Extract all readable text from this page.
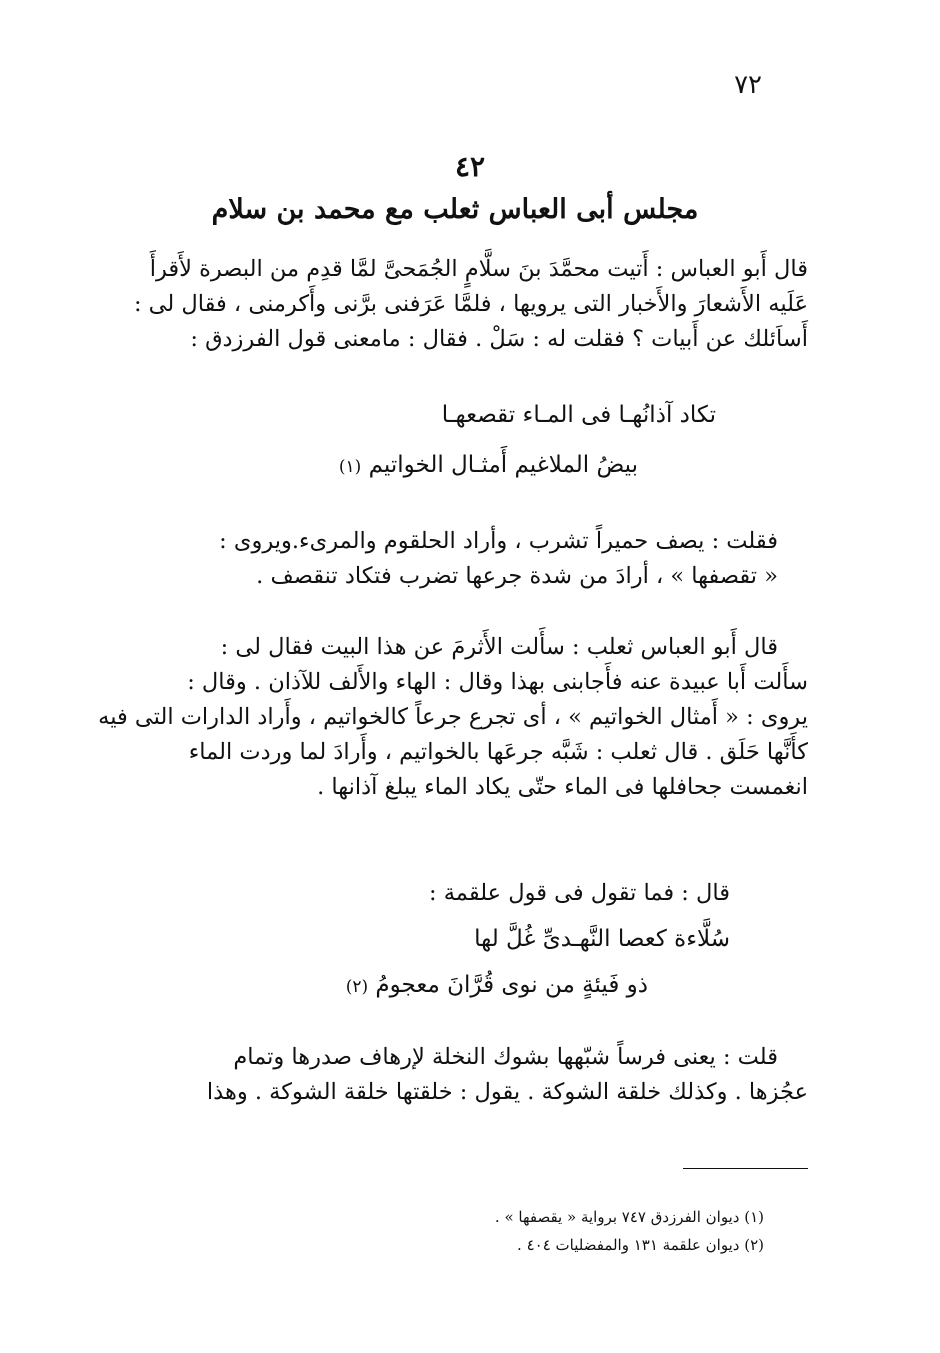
٧٢
٤٢
مجلس أبى العباس ثعلب مع محمد بن سلام

قال أَبو العباس : أَتيت محمَّدَ بنَ سلَّامٍ الجُمَحىَّ لمَّا قدِم من البصرة لأَقرأَ
عَلَيه الأَشعارَ والأَخبار التى يرويها ، فلمَّا عَرَفنى برَّنى وأَكرمنى ، فقال لى :
أَساَئلك عن أَبيات ؟ فقلت له : سَلْ . فقال : مامعنى قول الفرزدق :

تكاد آذانُهـا فى المـاء تقصعهـا
بيضُ الملاغيم أَمثـال الخواتيم (١)

فقلت : يصف حميراً تشرب ، وأراد الحلقوم والمرىء.ويروى :
« تقصفها » ، أرادَ من شدة جرعها تضرب فتكاد تنقصف .

قال أَبو العباس ثعلب : سأَلت الأَثرمَ عن هذا البيت فقال لى :
سأَلت أَبا عبيدة عنه فأَجابنى بهذا وقال : الهاء والأَلف للآذان . وقال :
يروى : « أَمثال الخواتيم » ، أى تجرع جرعاً كالخواتيم ، وأَراد الدارات التى فيه
كأَنَّها حَلَق . قال ثعلب : شَبَّه جرعَها بالخواتيم ، وأَرادَ لما وردت الماء
انغمست جحافلها فى الماء حتّى يكاد الماء يبلغ آذانها .

قال : فما تقول فى قول علقمة :
سُلَّاءة كعصا النَّهـدىِّ غُلَّ لها
ذو فَيئةٍ من نوى قُرَّانَ معجومُ (٢)

قلت : يعنى فرساً شبّهها بشوك النخلة لإرهاف صدرها وتمام
عجُزها . وكذلك خلقة الشوكة . يقول : خلقتها خلقة الشوكة . وهذا

(١) ديوان الفرزدق ٧٤٧ برواية « يقصفها » .
(٢) ديوان علقمة ١٣١ والمفضليات ٤٠٤ .
